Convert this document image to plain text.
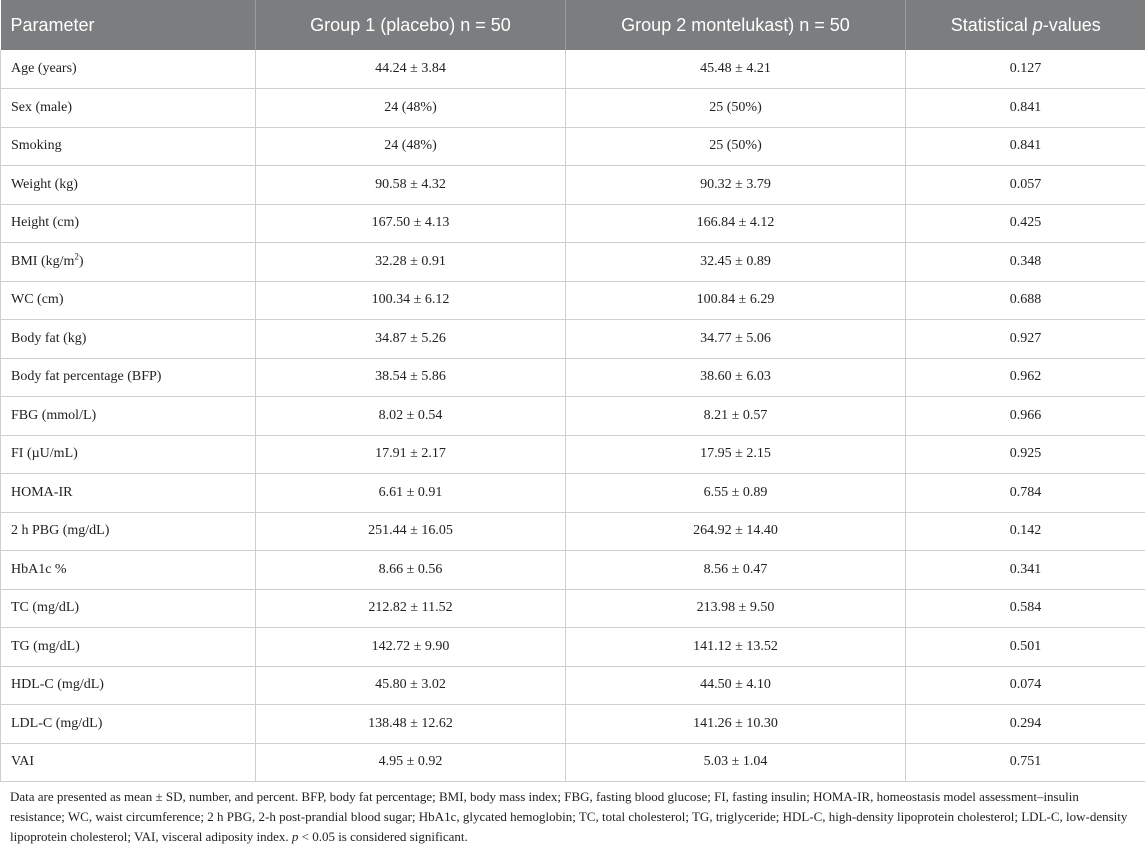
Parameter	Group 1 (placebo) n = 50	Group 2 montelukast) n = 50	Statistical p-values
Age (years)	44.24 ± 3.84	45.48 ± 4.21	0.127
Sex (male)	24 (48%)	25 (50%)	0.841
Smoking	24 (48%)	25 (50%)	0.841
Weight (kg)	90.58 ± 4.32	90.32 ± 3.79	0.057
Height (cm)	167.50 ± 4.13	166.84 ± 4.12	0.425
BMI $(kg/m^2)$	32.28 ± 0.91	32.45 ± 0.89	0.348
WC (cm)	100.34 ± 6.12	100.84 ± 6.29	0.688
Body fat (kg)	34.87 ± 5.26	34.77 ± 5.06	0.927
Body fat percentage (BFP)	38.54 ± 5.86	38.60 ± 6.03	0.962
FBG (mmol/L)	8.02 ± 0.54	8.21 ± 0.57	0.966
FI (µU/mL)	17.91 ± 2.17	17.95 ± 2.15	0.925
HOMA-IR	6.61 ± 0.91	6.55 ± 0.89	0.784
2 h PBG (mg/dL)	251.44 ± 16.05	264.92 ± 14.40	0.142
HbA1c %	8.66 ± 0.56	8.56 ± 0.47	0.341
TC (mg/dL)	212.82 ± 11.52	213.98 ± 9.50	0.584
TG (mg/dL)	142.72 ± 9.90	141.12 ± 13.52	0.501
HDL-C (mg/dL)	45.80 ± 3.02	44.50 ± 4.10	0.074
LDL-C (mg/dL)	138.48 ± 12.62	141.26 ± 10.30	0.294
VAI	4.95 ± 0.92	5.03 ± 1.04	0.751
Data are presented as mean ± SD, number, and percent. BFP, body fat percentage; BMI, body mass index; FBG, fasting blood glucose; FI, fasting insulin; HOMA-IR, homeostasis model assessment–insulin resistance; WC, waist circumference; 2 h PBG, 2-h post-prandial blood sugar; HbA1c, glycated hemoglobin; TC, total cholesterol; TG, triglyceride; HDL-C, high-density lipoprotein cholesterol; LDL-C, low-density lipoprotein cholesterol; VAI, visceral adiposity index. p < 0.05 is considered significant.
